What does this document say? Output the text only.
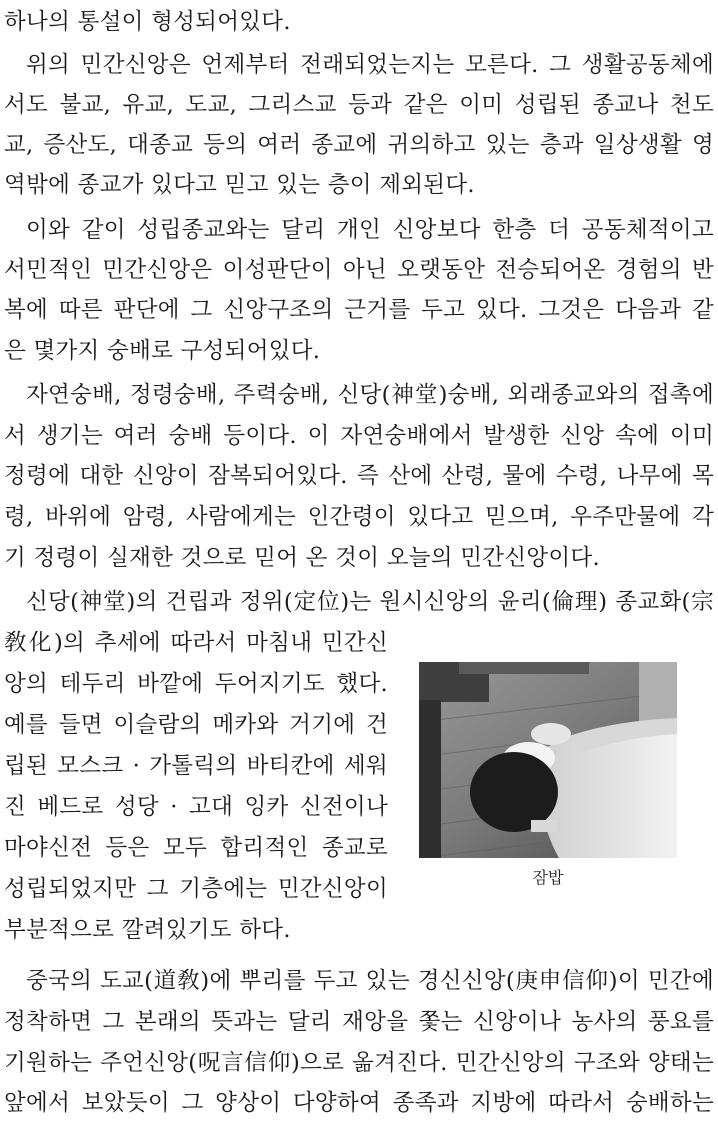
하나의 통설이 형성되어있다.
위의 민간신앙은 언제부터 전래되었는지는 모른다. 그 생활공동체에
서도 불교, 유교, 도교, 그리스교 등과 같은 이미 성립된 종교나 천도
교, 증산도, 대종교 등의 여러 종교에 귀의하고 있는 층과 일상생활 영
역밖에 종교가 있다고 믿고 있는 층이 제외된다.
이와 같이 성립종교와는 달리 개인 신앙보다 한층 더 공동체적이고
서민적인 민간신앙은 이성판단이 아닌 오랫동안 전승되어온 경험의 반
복에 따른 판단에 그 신앙구조의 근거를 두고 있다. 그것은 다음과 같
은 몇가지 숭배로 구성되어있다.
자연숭배, 정령숭배, 주력숭배, 신당(神堂)숭배, 외래종교와의 접촉에
서 생기는 여러 숭배 등이다. 이 자연숭배에서 발생한 신앙 속에 이미
정령에 대한 신앙이 잠복되어있다. 즉 산에 산령, 물에 수령, 나무에 목
령, 바위에 암령, 사람에게는 인간령이 있다고 믿으며, 우주만물에 각
기 정령이 실재한 것으로 믿어 온 것이 오늘의 민간신앙이다.
신당(神堂)의 건립과 정위(定位)는 원시신앙의 윤리(倫理) 종교화(宗
敎化)의 추세에 따라서 마침내 민간신
앙의 테두리 바깥에 두어지기도 했다.
예를 들면 이슬람의 메카와 거기에 건
립된 모스크 · 가톨릭의 바티칸에 세워
진 베드로 성당 · 고대 잉카 신전이나
마야신전 등은 모두 합리적인 종교로
성립되었지만 그 기층에는 민간신앙이
부분적으로 깔려있기도 하다.
잠밥
중국의 도교(道敎)에 뿌리를 두고 있는 경신신앙(庚申信仰)이 민간에
정착하면 그 본래의 뜻과는 달리 재앙을 쫓는 신앙이나 농사의 풍요를
기원하는 주언신앙(呪言信仰)으로 옮겨진다. 민간신앙의 구조와 양태는
앞에서 보았듯이 그 양상이 다양하여 종족과 지방에 따라서 숭배하는
